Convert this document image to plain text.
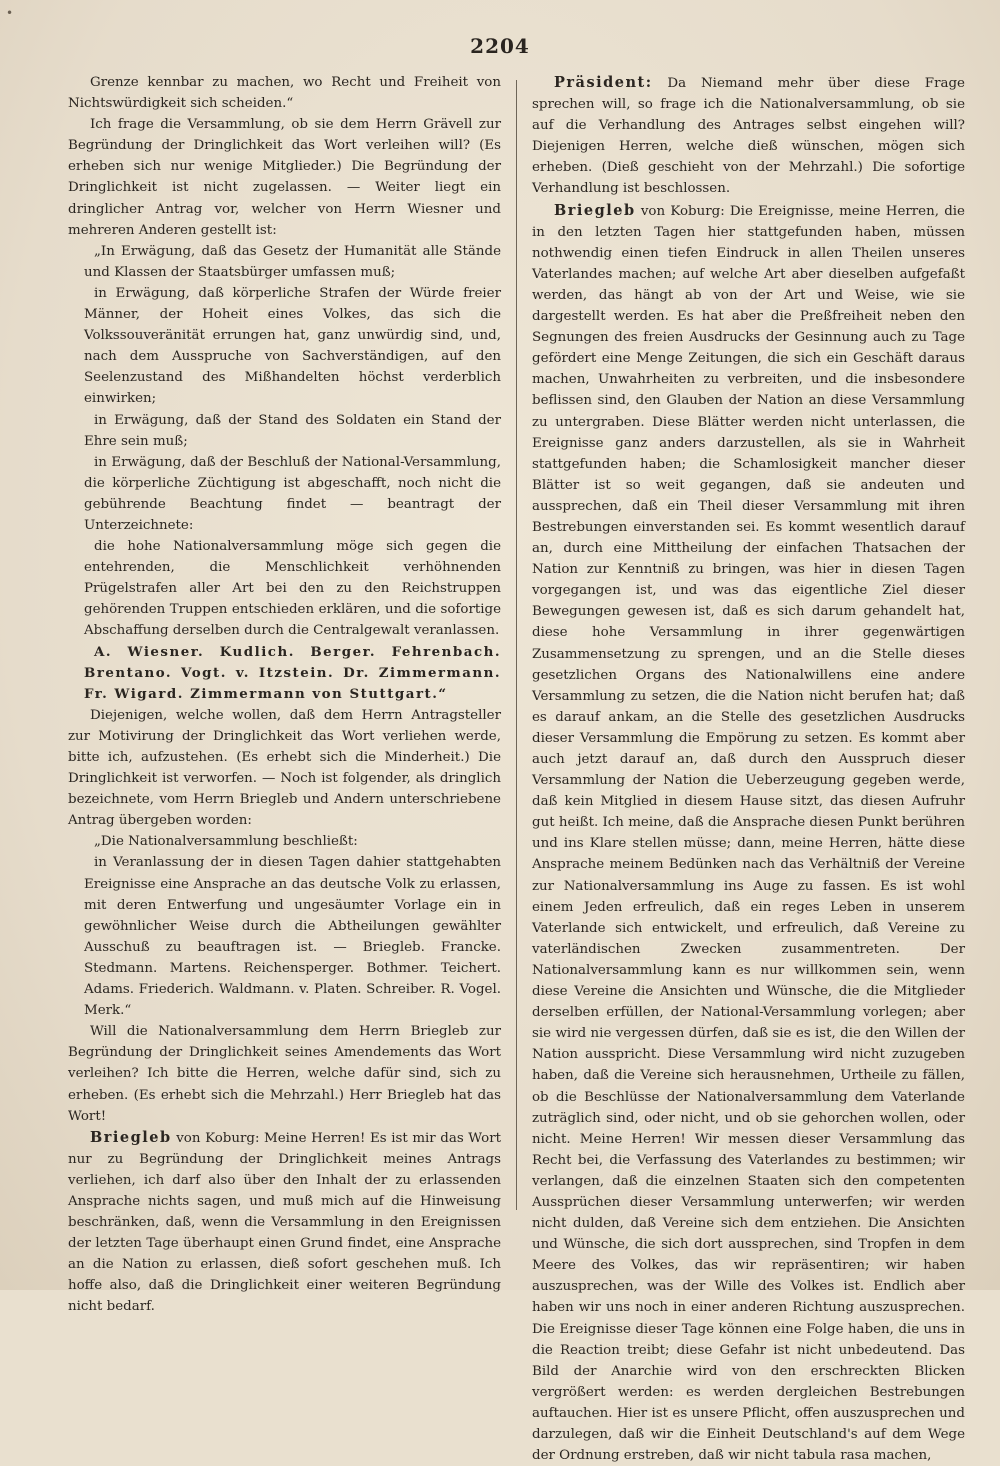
•
2204

Grenze kennbar zu machen, wo Recht und Freiheit von Nichtswürdigkeit sich scheiden.“

Ich frage die Versammlung, ob sie dem Herrn Grävell zur Begründung der Dringlichkeit das Wort verleihen will? (Es erheben sich nur wenige Mitglieder.) Die Begründung der Dringlichkeit ist nicht zugelassen. — Weiter liegt ein dringlicher Antrag vor, welcher von Herrn Wiesner und mehreren Anderen gestellt ist:

„In Erwägung, daß das Gesetz der Humanität alle Stände und Klassen der Staatsbürger umfassen muß;

in Erwägung, daß körperliche Strafen der Würde freier Männer, der Hoheit eines Volkes, das sich die Volkssouveränität errungen hat, ganz unwürdig sind, und, nach dem Ausspruche von Sachverständigen, auf den Seelenzustand des Mißhandelten höchst verderblich einwirken;

in Erwägung, daß der Stand des Soldaten ein Stand der Ehre sein muß;

in Erwägung, daß der Beschluß der National-Versammlung, die körperliche Züchtigung ist abgeschafft, noch nicht die gebührende Beachtung findet — beantragt der Unterzeichnete:

die hohe Nationalversammlung möge sich gegen die entehrenden, die Menschlichkeit verhöhnenden Prügelstrafen aller Art bei den zu den Reichstruppen gehörenden Truppen entschieden erklären, und die sofortige Abschaffung derselben durch die Centralgewalt veranlassen.

A. Wiesner. Kudlich. Berger. Fehrenbach. Brentano. Vogt. v. Itzstein. Dr. Zimmermann. Fr. Wigard. Zimmermann von Stuttgart.“

Diejenigen, welche wollen, daß dem Herrn Antragsteller zur Motivirung der Dringlichkeit das Wort verliehen werde, bitte ich, aufzustehen. (Es erhebt sich die Minderheit.) Die Dringlichkeit ist verworfen. — Noch ist folgender, als dringlich bezeichnete, vom Herrn Briegleb und Andern unterschriebene Antrag übergeben worden:

„Die Nationalversammlung beschließt:

in Veranlassung der in diesen Tagen dahier stattgehabten Ereignisse eine Ansprache an das deutsche Volk zu erlassen, mit deren Entwerfung und ungesäumter Vorlage ein in gewöhnlicher Weise durch die Abtheilungen gewählter Ausschuß zu beauftragen ist. — Briegleb. Francke. Stedmann. Martens. Reichensperger. Bothmer. Teichert. Adams. Friederich. Waldmann. v. Platen. Schreiber. R. Vogel. Merk.“

Will die Nationalversammlung dem Herrn Briegleb zur Begründung der Dringlichkeit seines Amendements das Wort verleihen? Ich bitte die Herren, welche dafür sind, sich zu erheben. (Es erhebt sich die Mehrzahl.) Herr Briegleb hat das Wort!

Briegleb von Koburg: Meine Herren! Es ist mir das Wort nur zu Begründung der Dringlichkeit meines Antrags verliehen, ich darf also über den Inhalt der zu erlassenden Ansprache nichts sagen, und muß mich auf die Hinweisung beschränken, daß, wenn die Versammlung in den Ereignissen der letzten Tage überhaupt einen Grund findet, eine Ansprache an die Nation zu erlassen, dieß sofort geschehen muß. Ich hoffe also, daß die Dringlichkeit einer weiteren Begründung nicht bedarf.

Präsident: Da Niemand mehr über diese Frage sprechen will, so frage ich die Nationalversammlung, ob sie auf die Verhandlung des Antrages selbst eingehen will? Diejenigen Herren, welche dieß wünschen, mögen sich erheben. (Dieß geschieht von der Mehrzahl.) Die sofortige Verhandlung ist beschlossen.

Briegleb von Koburg: Die Ereignisse, meine Herren, die in den letzten Tagen hier stattgefunden haben, müssen nothwendig einen tiefen Eindruck in allen Theilen unseres Vaterlandes machen; auf welche Art aber dieselben aufgefaßt werden, das hängt ab von der Art und Weise, wie sie dargestellt werden. Es hat aber die Preßfreiheit neben den Segnungen des freien Ausdrucks der Gesinnung auch zu Tage gefördert eine Menge Zeitungen, die sich ein Geschäft daraus machen, Unwahrheiten zu verbreiten, und die insbesondere beflissen sind, den Glauben der Nation an diese Versammlung zu untergraben. Diese Blätter werden nicht unterlassen, die Ereignisse ganz anders darzustellen, als sie in Wahrheit stattgefunden haben; die Schamlosigkeit mancher dieser Blätter ist so weit gegangen, daß sie andeuten und aussprechen, daß ein Theil dieser Versammlung mit ihren Bestrebungen einverstanden sei. Es kommt wesentlich darauf an, durch eine Mittheilung der einfachen Thatsachen der Nation zur Kenntniß zu bringen, was hier in diesen Tagen vorgegangen ist, und was das eigentliche Ziel dieser Bewegungen gewesen ist, daß es sich darum gehandelt hat, diese hohe Versammlung in ihrer gegenwärtigen Zusammensetzung zu sprengen, und an die Stelle dieses gesetzlichen Organs des Nationalwillens eine andere Versammlung zu setzen, die die Nation nicht berufen hat; daß es darauf ankam, an die Stelle des gesetzlichen Ausdrucks dieser Versammlung die Empörung zu setzen. Es kommt aber auch jetzt darauf an, daß durch den Ausspruch dieser Versammlung der Nation die Ueberzeugung gegeben werde, daß kein Mitglied in diesem Hause sitzt, das diesen Aufruhr gut heißt. Ich meine, daß die Ansprache diesen Punkt berühren und ins Klare stellen müsse; dann, meine Herren, hätte diese Ansprache meinem Bedünken nach das Verhältniß der Vereine zur Nationalversammlung ins Auge zu fassen. Es ist wohl einem Jeden erfreulich, daß ein reges Leben in unserem Vaterlande sich entwickelt, und erfreulich, daß Vereine zu vaterländischen Zwecken zusammentreten. Der Nationalversammlung kann es nur willkommen sein, wenn diese Vereine die Ansichten und Wünsche, die die Mitglieder derselben erfüllen, der National-Versammlung vorlegen; aber sie wird nie vergessen dürfen, daß sie es ist, die den Willen der Nation ausspricht. Diese Versammlung wird nicht zuzugeben haben, daß die Vereine sich herausnehmen, Urtheile zu fällen, ob die Beschlüsse der Nationalversammlung dem Vaterlande zuträglich sind, oder nicht, und ob sie gehorchen wollen, oder nicht. Meine Herren! Wir messen dieser Versammlung das Recht bei, die Verfassung des Vaterlandes zu bestimmen; wir verlangen, daß die einzelnen Staaten sich den competenten Aussprüchen dieser Versammlung unterwerfen; wir werden nicht dulden, daß Vereine sich dem entziehen. Die Ansichten und Wünsche, die sich dort aussprechen, sind Tropfen in dem Meere des Volkes, das wir repräsentiren; wir haben auszusprechen, was der Wille des Volkes ist. Endlich aber haben wir uns noch in einer anderen Richtung auszusprechen. Die Ereignisse dieser Tage können eine Folge haben, die uns in die Reaction treibt; diese Gefahr ist nicht unbedeutend. Das Bild der Anarchie wird von den erschreckten Blicken vergrößert werden: es werden dergleichen Bestrebungen auftauchen. Hier ist es unsere Pflicht, offen auszusprechen und darzulegen, daß wir die Einheit Deutschland's auf dem Wege der Ordnung erstreben, daß wir nicht tabula rasa machen,
